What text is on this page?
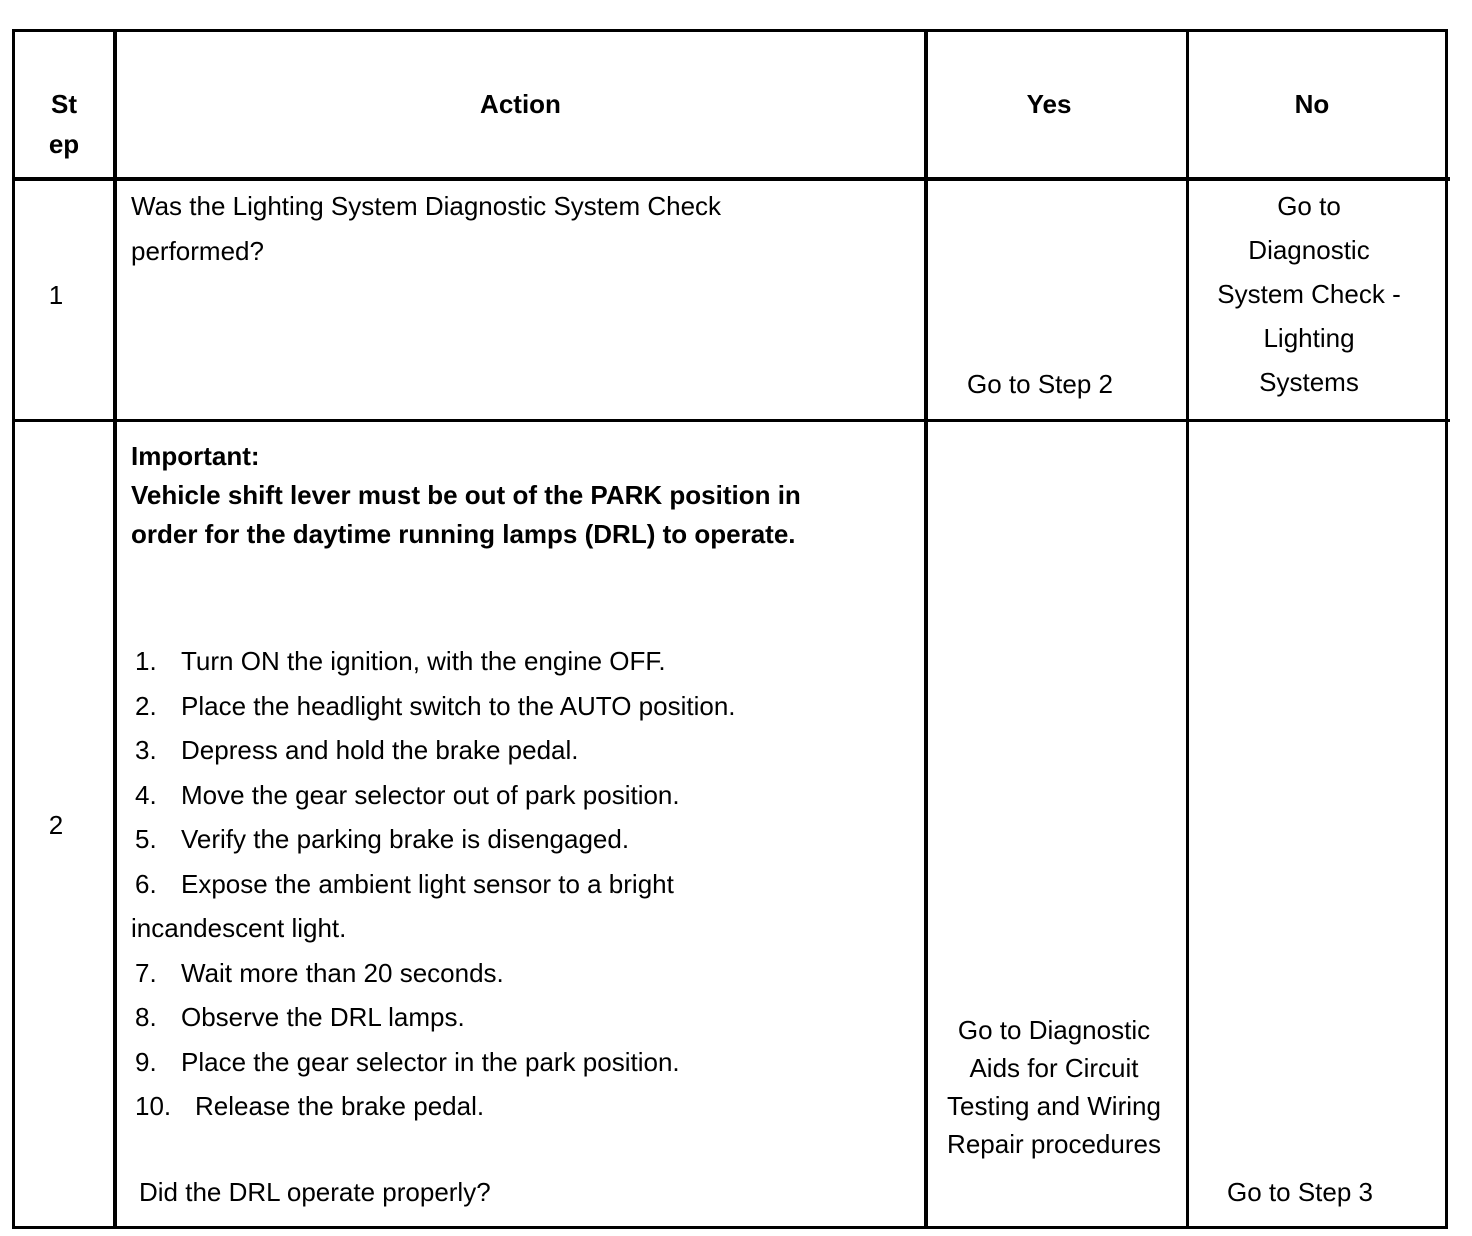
St
ep
Action	Yes	No
1
Was the Lighting System Diagnostic System Check
performed?
Go to Step 2
Go to
Diagnostic
System Check -
Lighting
Systems
2
Important:
Vehicle shift lever must be out of the PARK position in
order for the daytime running lamps (DRL) to operate.
1. Turn ON the ignition, with the engine OFF.
2. Place the headlight switch to the AUTO position.
3. Depress and hold the brake pedal.
4. Move the gear selector out of park position.
5. Verify the parking brake is disengaged.
6. Expose the ambient light sensor to a bright
incandescent light.
7. Wait more than 20 seconds.
8. Observe the DRL lamps.
9. Place the gear selector in the park position.
10. Release the brake pedal.
Did the DRL operate properly?
Go to Diagnostic
Aids for Circuit
Testing and Wiring
Repair procedures
Go to Step 3
